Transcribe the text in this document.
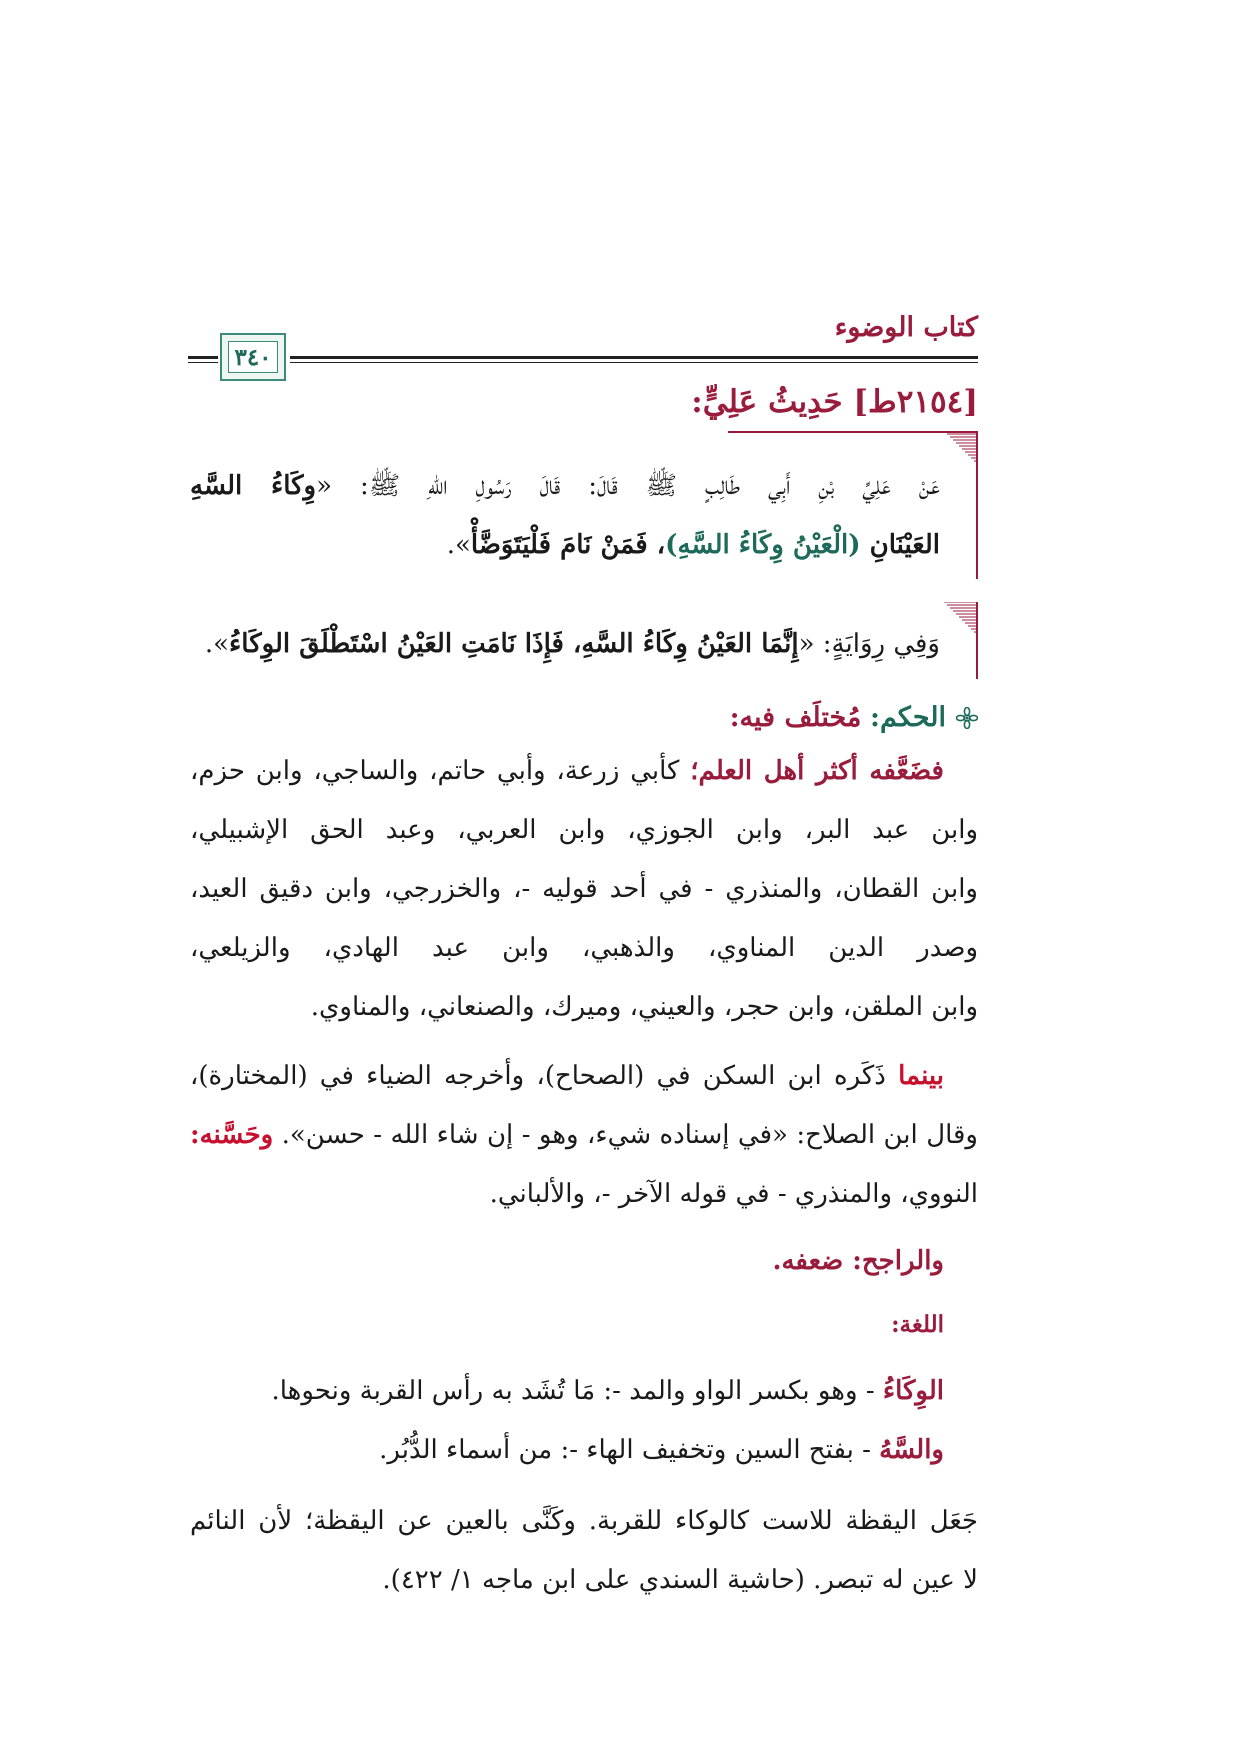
كتاب الوضوء
٣٤٠
[٢١٥٤ط] حَدِيثُ عَلِيٍّ:
عَنْ عَلِيِّ بْنِ أَبِي طَالِبٍ ﷺ قَالَ: قَالَ رَسُولِ اللهِ ﷺ: «وِكَاءُ السَّهِ
العَيْنَانِ (الْعَيْنُ وِكَاءُ السَّهِ)، فَمَنْ نَامَ فَلْيَتَوَضَّأْ».
وَفِي رِوَايَةٍ: «إِنَّمَا العَيْنُ وِكَاءُ السَّهِ، فَإِذَا نَامَتِ العَيْنُ اسْتَطْلَقَ الوِكَاءُ».
الحكم: مُختلَف فيه:
فضَعَّفه أكثر أهل العلم؛ كأبي زرعة، وأبي حاتم، والساجي، وابن حزم،
وابن عبد البر، وابن الجوزي، وابن العربي، وعبد الحق الإشبيلي،
وابن القطان، والمنذري - في أحد قوليه -، والخزرجي، وابن دقيق العيد،
وصدر الدين المناوي، والذهبي، وابن عبد الهادي، والزيلعي،
وابن الملقن، وابن حجر، والعيني، وميرك، والصنعاني، والمناوي.
بينما ذَكَره ابن السكن في (الصحاح)، وأخرجه الضياء في (المختارة)،
وقال ابن الصلاح: «في إسناده شيء، وهو - إن شاء الله - حسن». وحَسَّنه:
النووي، والمنذري - في قوله الآخر -، والألباني.
والراجح: ضعفه.
اللغة:
الوِكَاءُ - وهو بكسر الواو والمد -: مَا تُشَد به رأس القربة ونحوها.
والسَّهُ - بفتح السين وتخفيف الهاء -: من أسماء الدُّبُر.
جَعَل اليقظة للاست كالوكاء للقربة. وكَنَّى بالعين عن اليقظة؛ لأن النائم
لا عين له تبصر. (حاشية السندي على ابن ماجه ١/ ٤٢٢).
